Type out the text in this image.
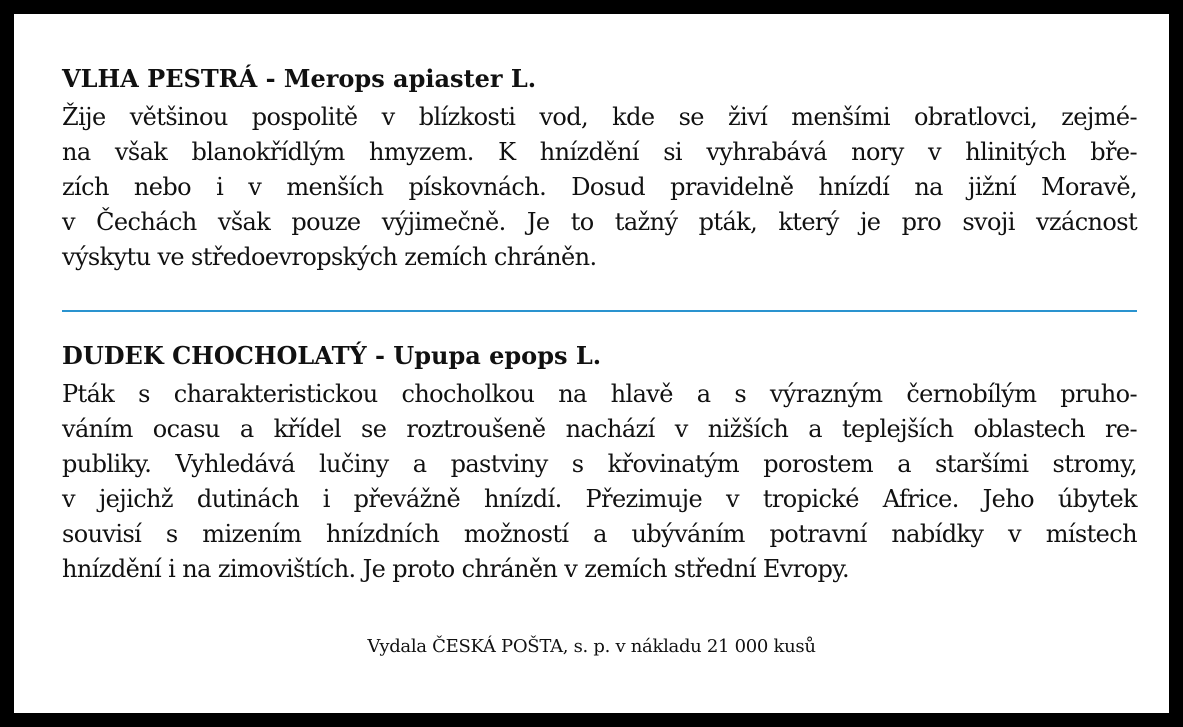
VLHA PESTRÁ - Merops apiaster L.

Žije většinou pospolitě v blízkosti vod, kde se živí menšími obratlovci, zejmé-
na však blanokřídlým hmyzem. K hnízdění si vyhrabává nory v hlinitých bře-
zích nebo i v menších pískovnách. Dosud pravidelně hnízdí na jižní Moravě,
v Čechách však pouze výjimečně. Je to tažný pták, který je pro svoji vzácnost
výskytu ve středoevropských zemích chráněn.

DUDEK CHOCHOLATÝ - Upupa epops L.

Pták s charakteristickou chocholkou na hlavě a s výrazným černobílým pruho-
váním ocasu a křídel se roztroušeně nachází v nižších a teplejších oblastech re-
publiky. Vyhledává lučiny a pastviny s křovinatým porostem a staršími stromy,
v jejichž dutinách i převážně hnízdí. Přezimuje v tropické Africe. Jeho úbytek
souvisí s mizením hnízdních možností a ubýváním potravní nabídky v místech
hnízdění i na zimovištích. Je proto chráněn v zemích střední Evropy.

Vydala ČESKÁ POŠTA, s. p. v nákladu 21 000 kusů
